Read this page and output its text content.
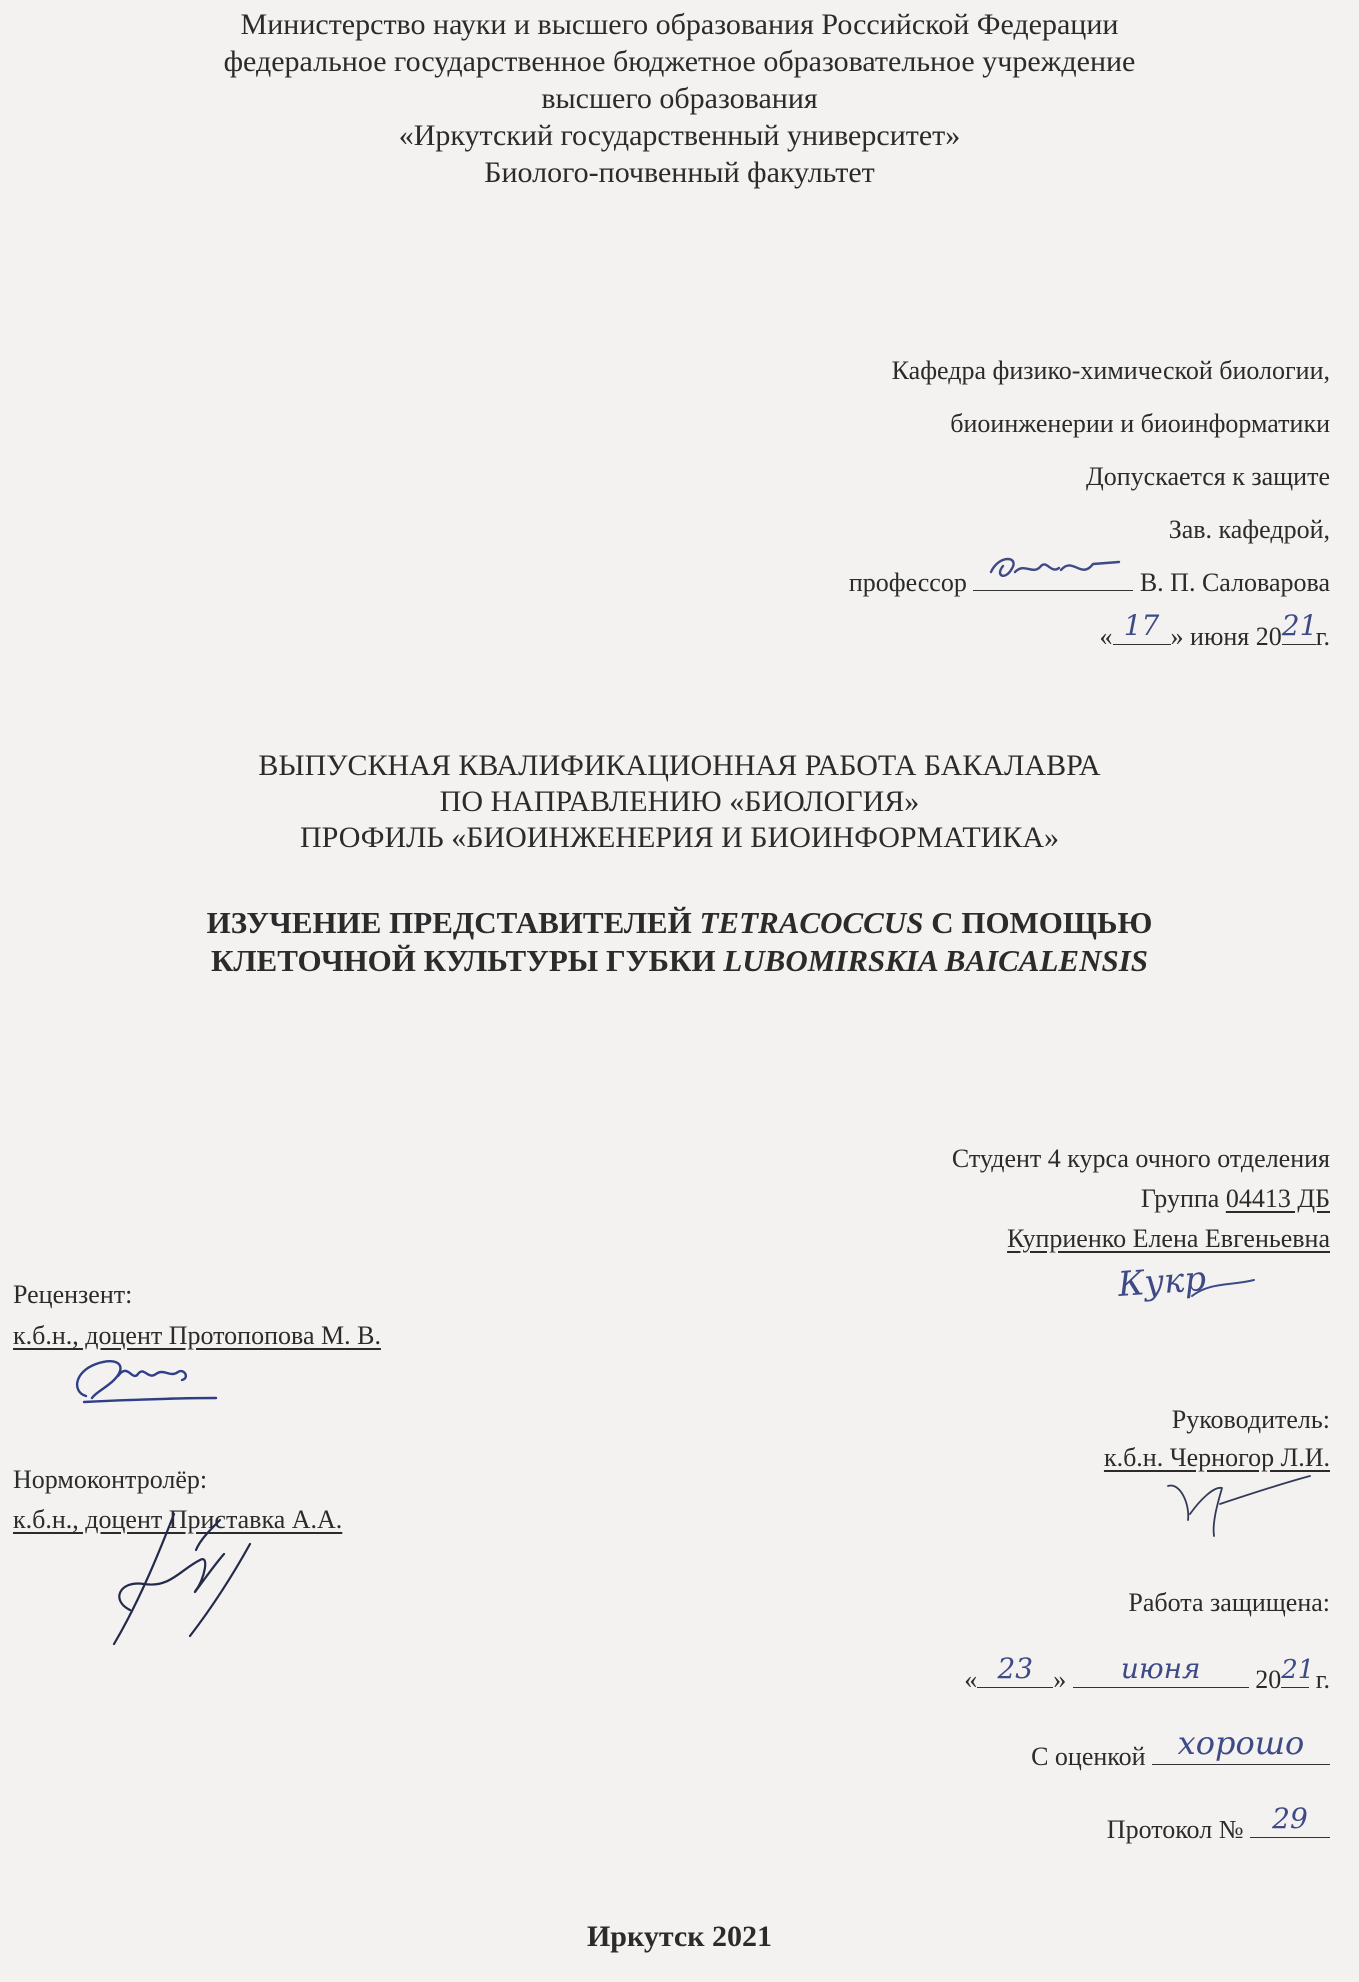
Министерство науки и высшего образования Российской Федерации
федеральное государственное бюджетное образовательное учреждение
высшего образования
«Иркутский государственный университет»
Биолого-почвенный факультет
Кафедра физико-химической биологии,
биоинженерии и биоинформатики
Допускается к защите
Зав. кафедрой,
профессор	В. П. Саловарова
« 17 » июня 20 21
г.
ВЫПУСКНАЯ КВАЛИФИКАЦИОННАЯ РАБОТА БАКАЛАВРА
ПО НАПРАВЛЕНИЮ «БИОЛОГИЯ»
ПРОФИЛЬ «БИОИНЖЕНЕРИЯ И БИОИНФОРМАТИКА»
ИЗУЧЕНИЕ ПРЕДСТАВИТЕЛЕЙ TETRACOCCUS С ПОМОЩЬЮ
КЛЕТОЧНОЙ КУЛЬТУРЫ ГУБКИ LUBOMIRSKIA BAICALENSIS
Студент 4 курса очного отделения
Группа 04413 ДБ
Куприенко Елена Евгеньевна
Кукр
Рецензент:
к.б.н., доцент Протопопова М. В.
Руководитель:
к.б.н. Черногор Л.И.
Нормоконтролёр:
к.б.н., доцент Приставка А.А.
Работа защищена:
« 23 »	июня	20 21 г.
С оценкой	хорошо
Протокол №	29
Иркутск 2021
